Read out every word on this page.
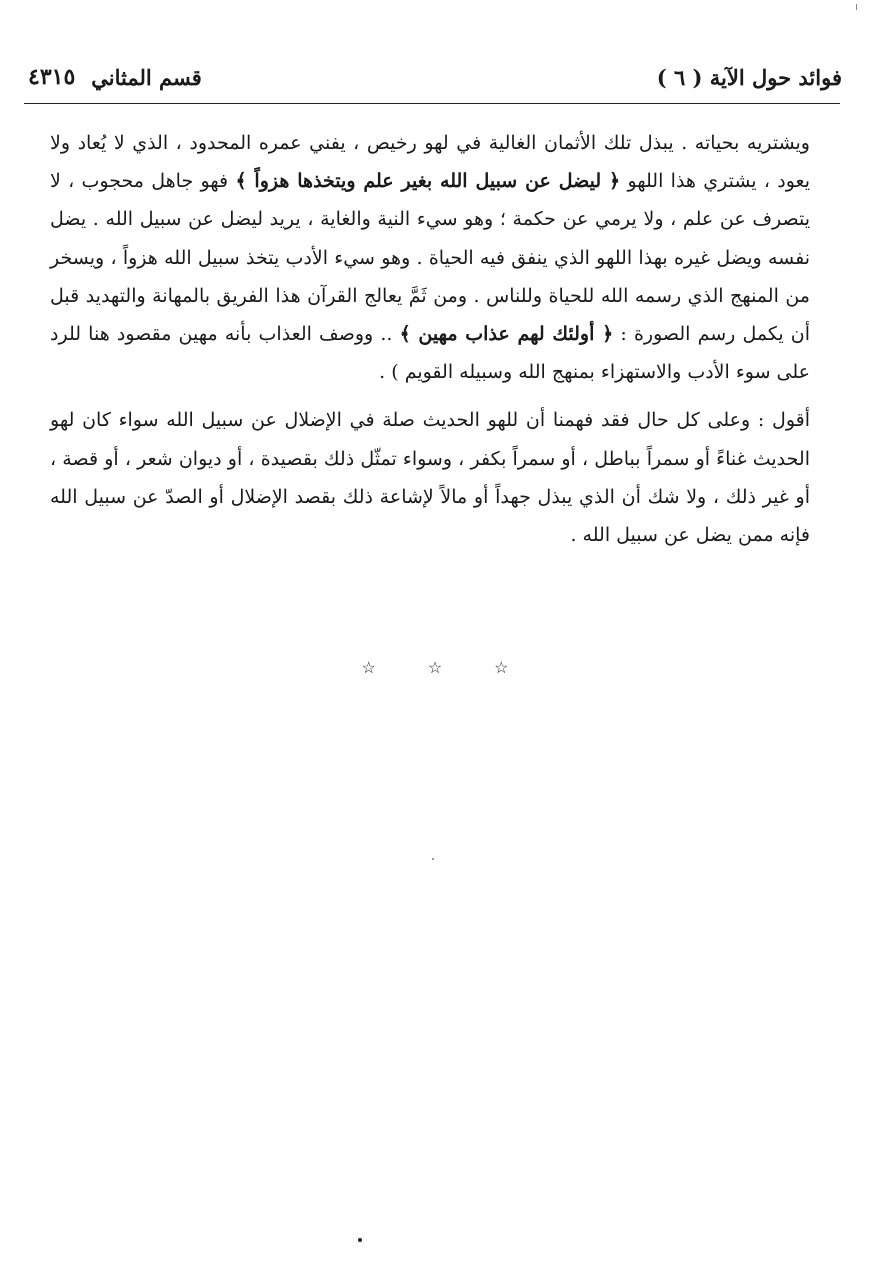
فوائد حول الآية ( ٦ )
قسم المثاني
٤٣١٥

ويشتريه بحياته . يبذل تلك الأثمان الغالية في لهو رخيص ، يفني عمره المحدود ، الذي لا يُعاد ولا يعود ، يشتري هذا اللهو ﴿ ليضل عن سبيل الله بغير علم ويتخذها هزواً ﴾ فهو جاهل محجوب ، لا يتصرف عن علم ، ولا يرمي عن حكمة ؛ وهو سيء النية والغاية ، يريد ليضل عن سبيل الله . يضل نفسه ويضل غيره بهذا اللهو الذي ينفق فيه الحياة . وهو سيء الأدب يتخذ سبيل الله هزواً ، ويسخر من المنهج الذي رسمه الله للحياة وللناس . ومن ثَمَّ يعالج القرآن هذا الفريق بالمهانة والتهديد قبل أن يكمل رسم الصورة : ﴿ أولئك لهم عذاب مهين ﴾ .. ووصف العذاب بأنه مهين مقصود هنا للرد على سوء الأدب والاستهزاء بمنهج الله وسبيله القويم ) .

أقول : وعلى كل حال فقد فهمنا أن للهو الحديث صلة في الإضلال عن سبيل الله سواء كان لهو الحديث غناءً أو سمراً بباطل ، أو سمراً بكفر ، وسواء تمثّل ذلك بقصيدة ، أو ديوان شعر ، أو قصة ، أو غير ذلك ، ولا شك أن الذي يبذل جهداً أو مالاً لإشاعة ذلك بقصد الإضلال أو الصدّ عن سبيل الله فإنه ممن يضل عن سبيل الله .

☆	☆	☆
